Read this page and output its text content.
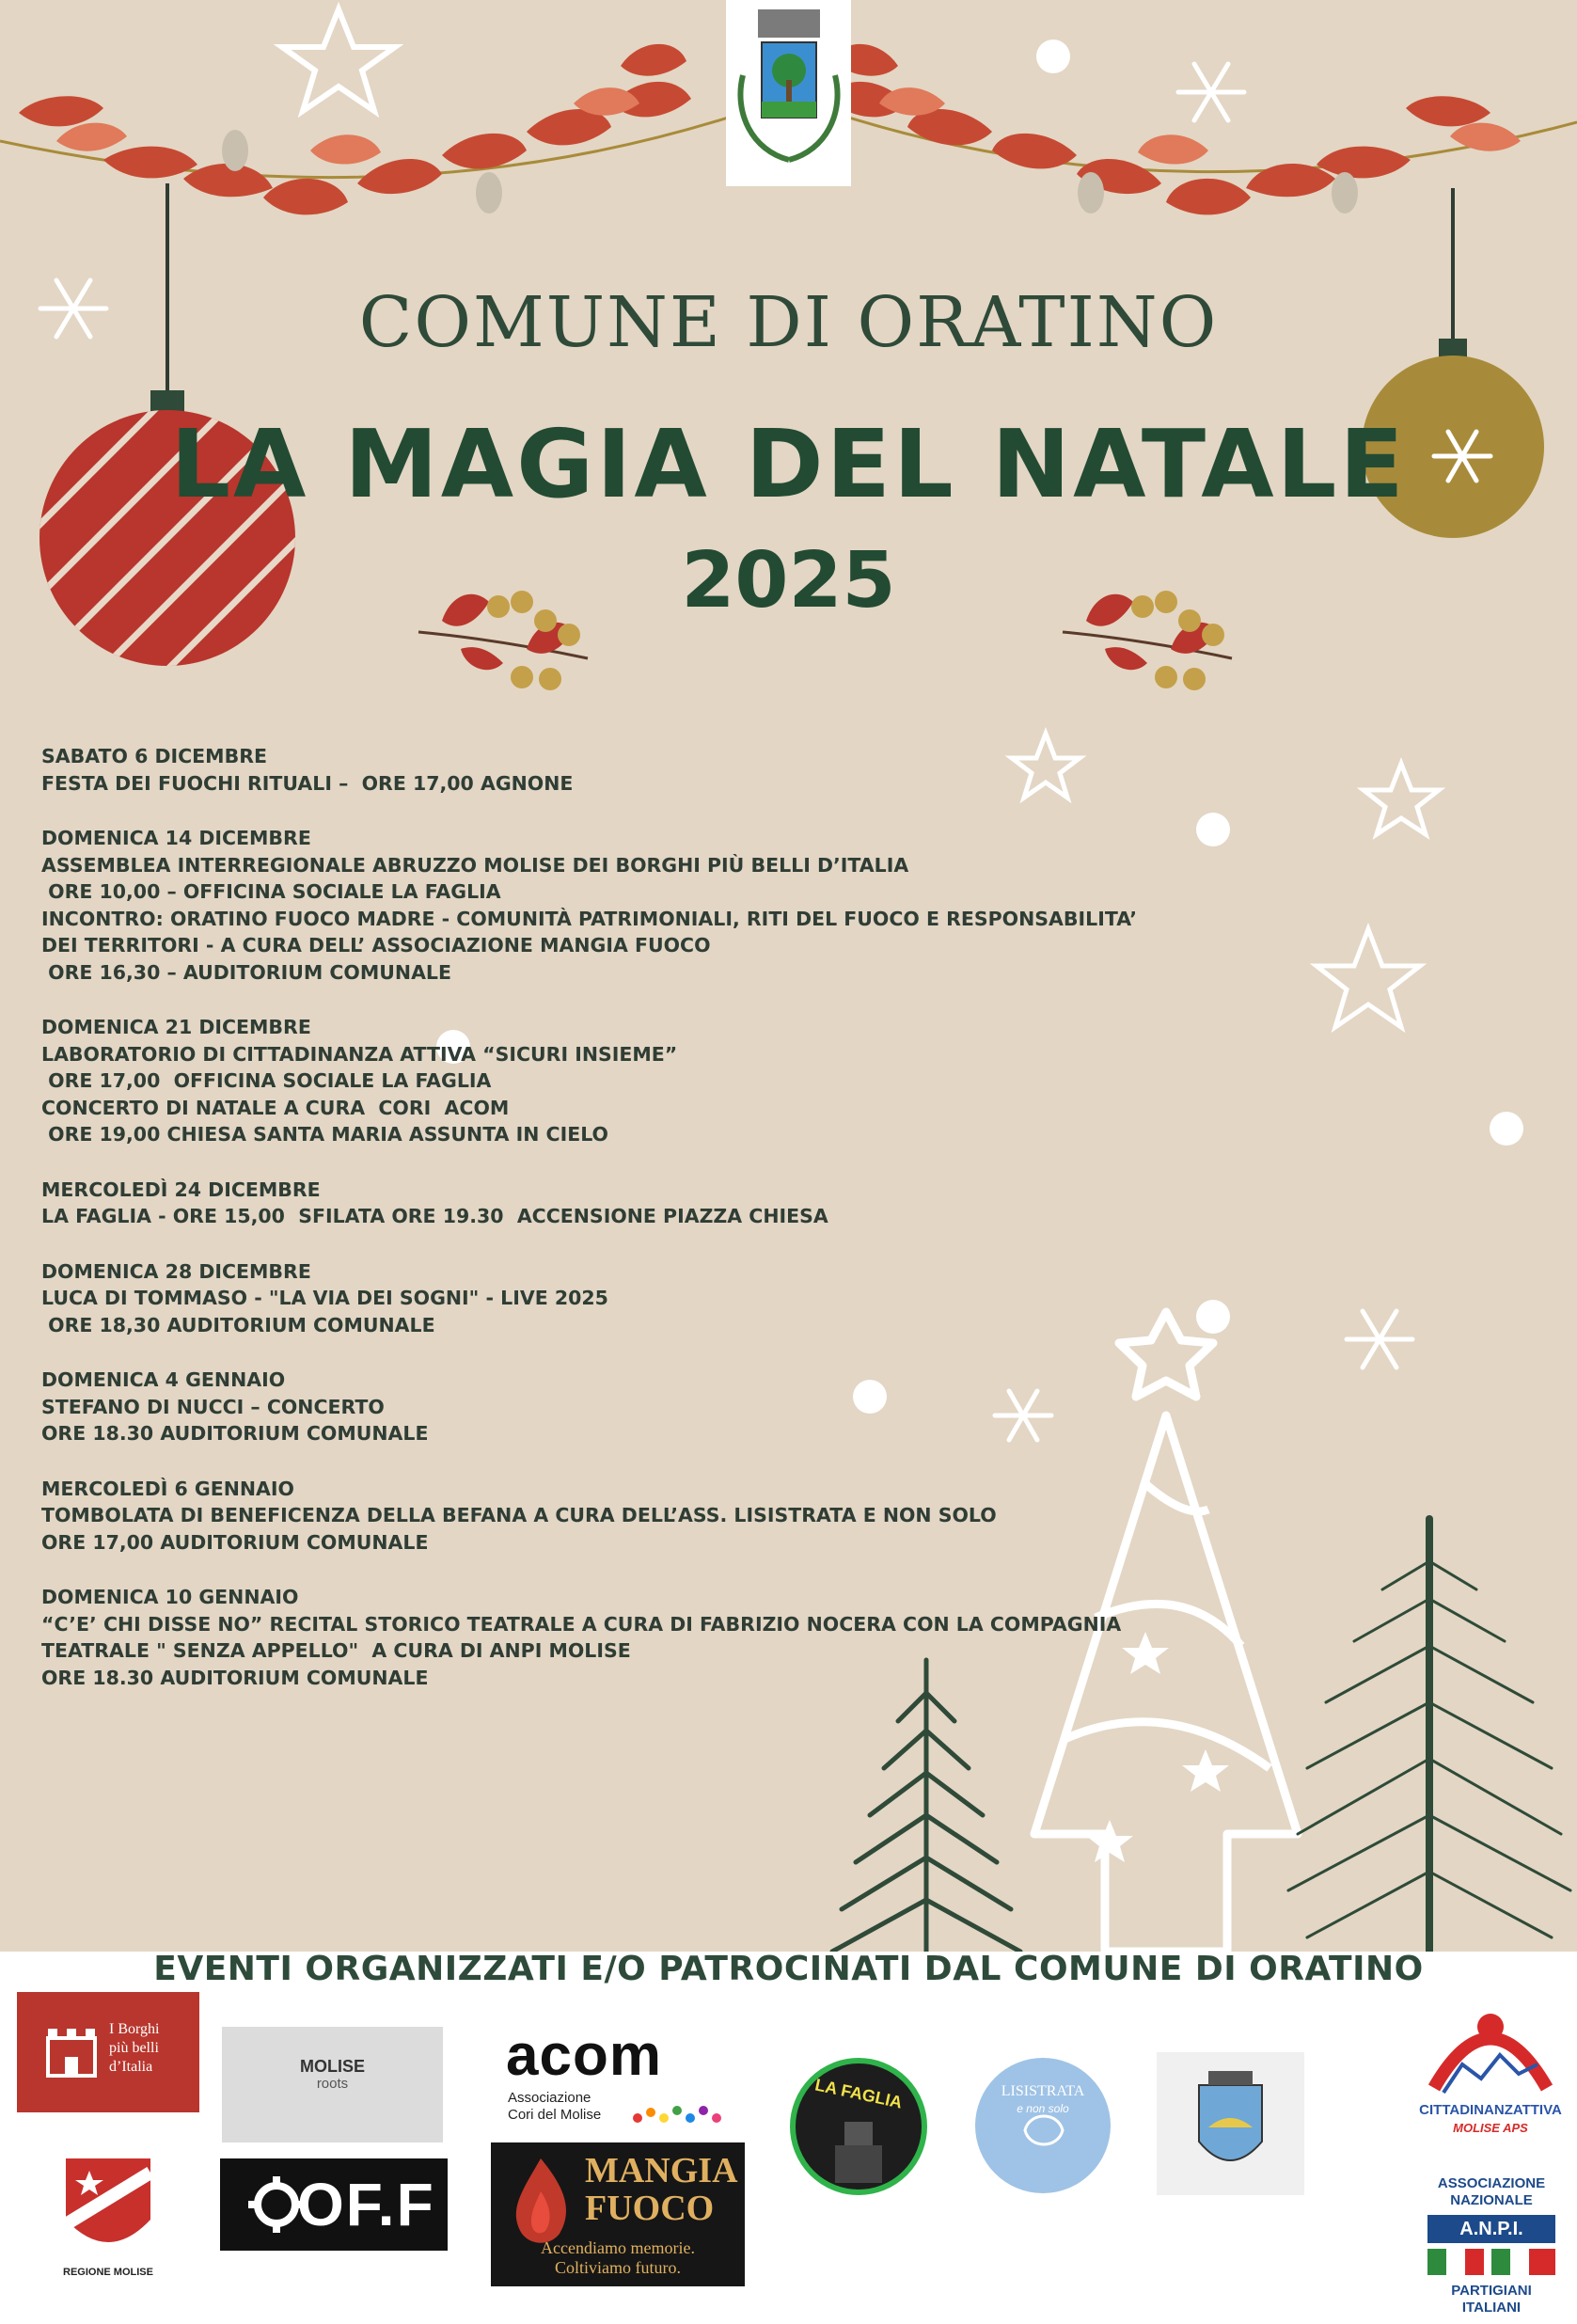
COMUNE DI ORATINO
LA MAGIA DEL NATALE
2025
SABATO 6 DICEMBRE
FESTA DEI FUOCHI RITUALI –  ORE 17,00 AGNONE
DOMENICA 14 DICEMBRE
ASSEMBLEA INTERREGIONALE ABRUZZO MOLISE DEI BORGHI PIÙ BELLI D’ITALIA
ORE 10,00 – OFFICINA SOCIALE LA FAGLIA
INCONTRO: ORATINO FUOCO MADRE - COMUNITÀ PATRIMONIALI, RITI DEL FUOCO E RESPONSABILITA’
DEI TERRITORI - A CURA DELL’ ASSOCIAZIONE MANGIA FUOCO
ORE 16,30 – AUDITORIUM COMUNALE
DOMENICA 21 DICEMBRE
LABORATORIO DI CITTADINANZA ATTIVA “SICURI INSIEME”
ORE 17,00  OFFICINA SOCIALE LA FAGLIA
CONCERTO DI NATALE A CURA  CORI  ACOM
ORE 19,00 CHIESA SANTA MARIA ASSUNTA IN CIELO
MERCOLEDÌ 24 DICEMBRE
LA FAGLIA - ORE 15,00  SFILATA ORE 19.30  ACCENSIONE PIAZZA CHIESA
DOMENICA 28 DICEMBRE
LUCA DI TOMMASO - "LA VIA DEI SOGNI" - LIVE 2025
ORE 18,30 AUDITORIUM COMUNALE
DOMENICA 4 GENNAIO
STEFANO DI NUCCI – CONCERTO
ORE 18.30 AUDITORIUM COMUNALE
MERCOLEDÌ 6 GENNAIO
TOMBOLATA DI BENEFICENZA DELLA BEFANA A CURA DELL’ASS. LISISTRATA E NON SOLO
ORE 17,00 AUDITORIUM COMUNALE
DOMENICA 10 GENNAIO
“C’E’ CHI DISSE NO” RECITAL STORICO TEATRALE A CURA DI FABRIZIO NOCERA CON LA COMPAGNIA
TEATRALE " SENZA APPELLO"  A CURA DI ANPI MOLISE
ORE 18.30 AUDITORIUM COMUNALE
EVENTI ORGANIZZATI E/O PATROCINATI DAL COMUNE DI ORATINO
I Borghi
più belli
d’Italia	MOLISE
roots	acom
Associazione
Cori del Molise
LA FAGLIA	LISISTRATA
e non solo	CITTADINANZATTIVA
MOLISE APS
REGIONE MOLISE
OF.F	MANGIA
FUOCO
Accendiamo memorie.
Coltiviamo futuro.
ASSOCIAZIONE
NAZIONALE
A.N.P.I.
PARTIGIANI
ITALIANI
